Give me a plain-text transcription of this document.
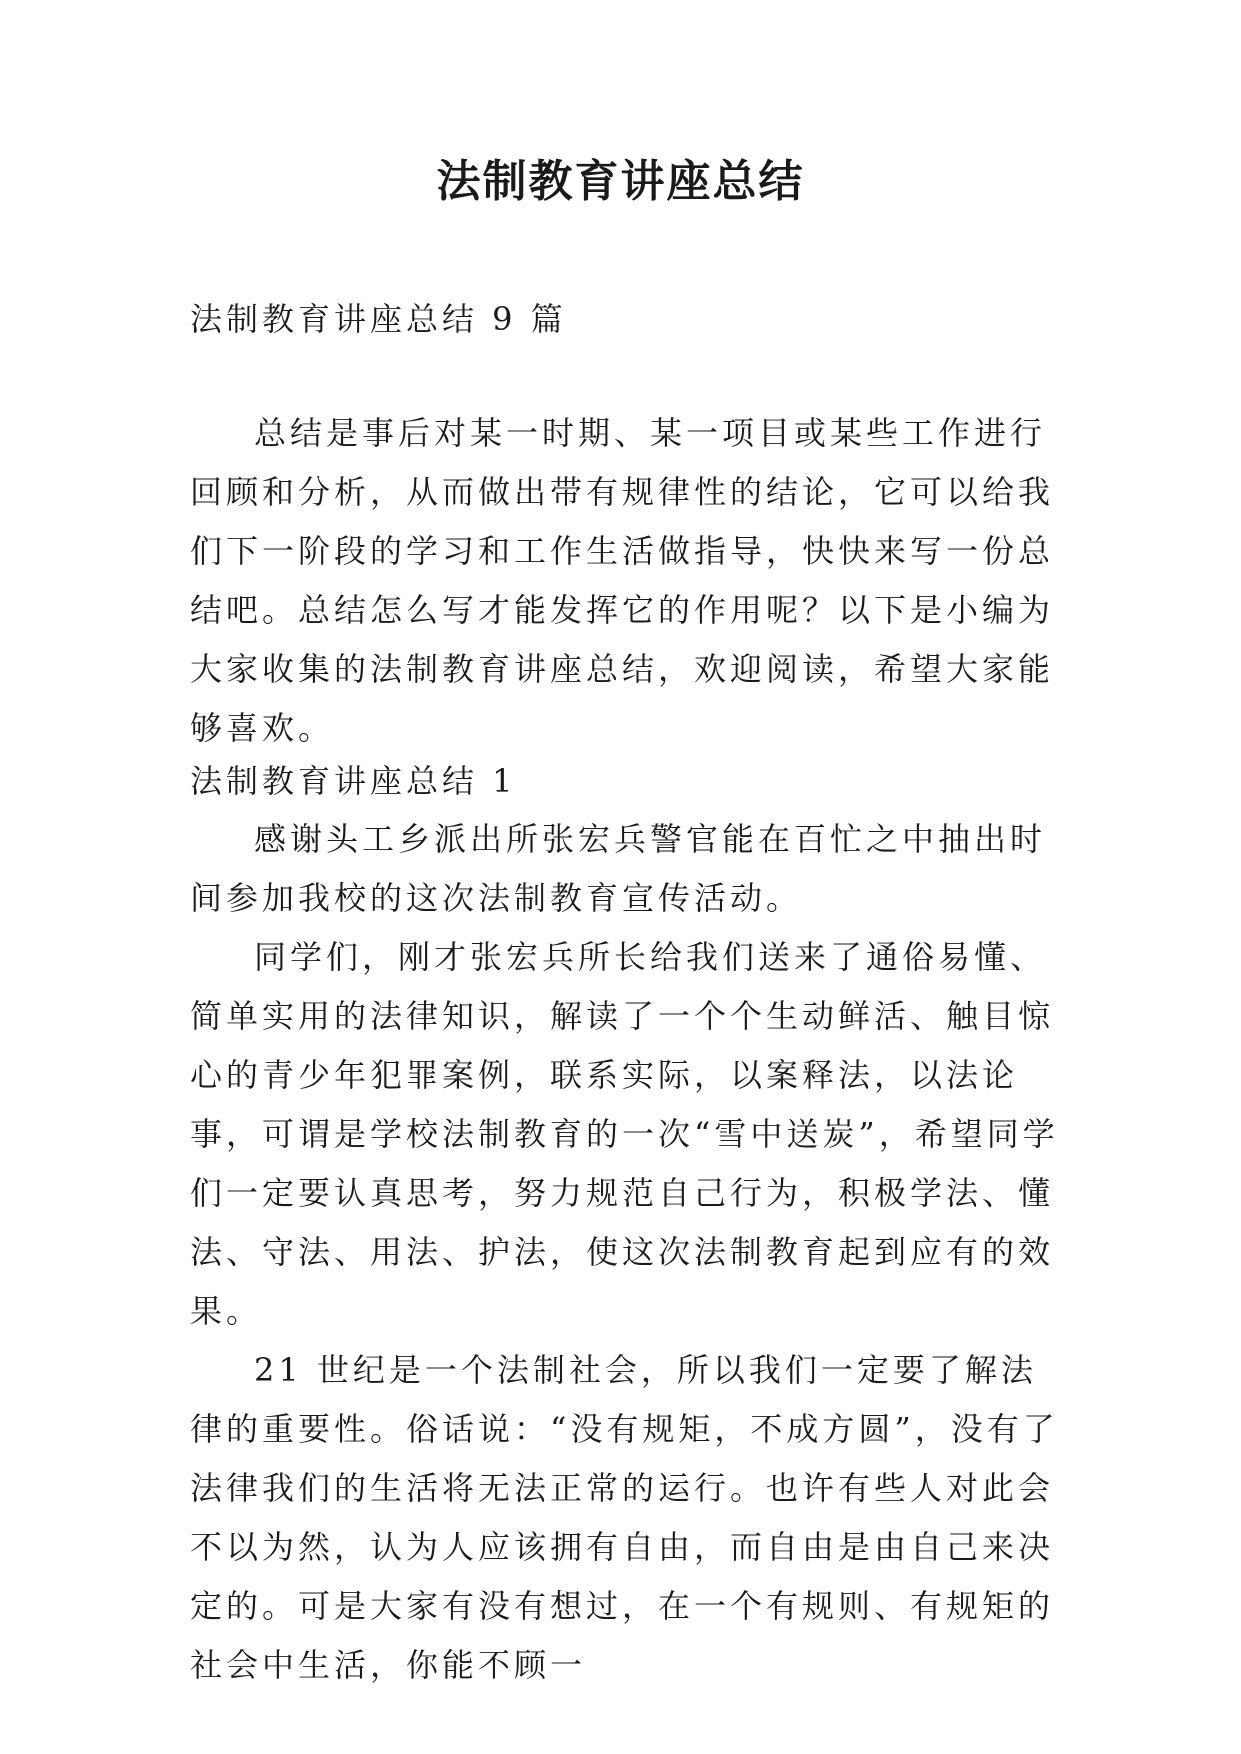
法制教育讲座总结
法制教育讲座总结 9 篇

总结是事后对某一时期、某一项目或某些工作进行回顾和分析，从而做出带有规律性的结论，它可以给我们下一阶段的学习和工作生活做指导，快快来写一份总结吧。总结怎么写才能发挥它的作用呢？以下是小编为大家收集的法制教育讲座总结，欢迎阅读，希望大家能够喜欢。

法制教育讲座总结 1

感谢头工乡派出所张宏兵警官能在百忙之中抽出时间参加我校的这次法制教育宣传活动。

同学们，刚才张宏兵所长给我们送来了通俗易懂、简单实用的法律知识，解读了一个个生动鲜活、触目惊心的青少年犯罪案例，联系实际，以案释法，以法论事，可谓是学校法制教育的一次“雪中送炭”，希望同学们一定要认真思考，努力规范自己行为，积极学法、懂法、守法、用法、护法，使这次法制教育起到应有的效果。

21 世纪是一个法制社会，所以我们一定要了解法律的重要性。俗话说：“没有规矩，不成方圆”，没有了法律我们的生活将无法正常的运行。也许有些人对此会不以为然，认为人应该拥有自由，而自由是由自己来决定的。可是大家有没有想过，在一个有规则、有规矩的社会中生活，你能不顾一
